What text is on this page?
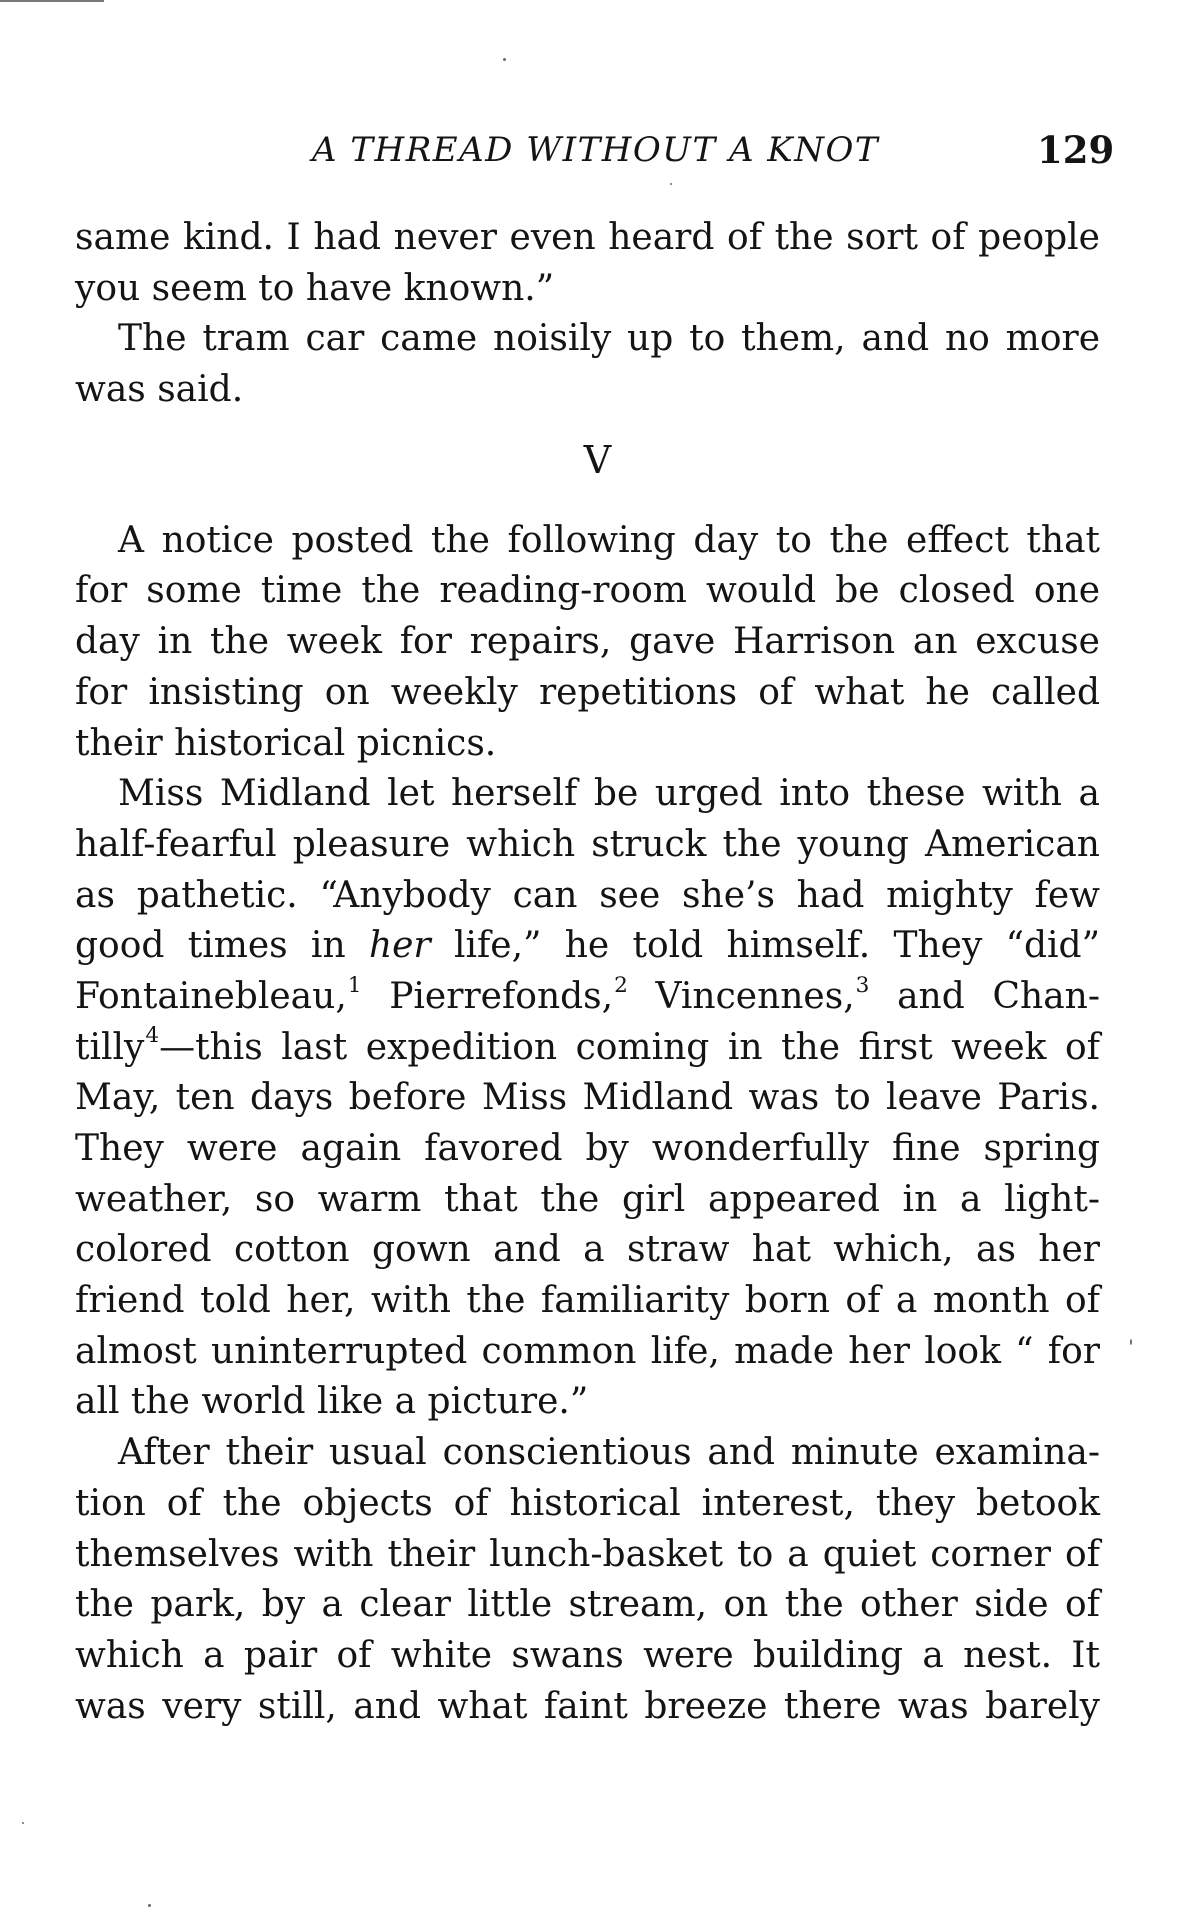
A THREAD WITHOUT A KNOT	129
same kind. I had never even heard of the sort of people
you seem to have known.”
The tram car came noisily up to them, and no more
was said.
V
A notice posted the following day to the effect that
for some time the reading-room would be closed one
day in the week for repairs, gave Harrison an excuse
for insisting on weekly repetitions of what he called
their historical picnics.
Miss Midland let herself be urged into these with a
half-fearful pleasure which struck the young American
as pathetic. “Anybody can see she’s had mighty few
good times in her life,” he told himself. They “did”
Fontainebleau,$^1$ Pierrefonds,$^2$ Vincennes,$^3$ and Chan-
tilly$^4$—this last expedition coming in the first week of
May, ten days before Miss Midland was to leave Paris.
They were again favored by wonderfully fine spring
weather, so warm that the girl appeared in a light-
colored cotton gown and a straw hat which, as her
friend told her, with the familiarity born of a month of
almost uninterrupted common life, made her look “ for
all the world like a picture.”
After their usual conscientious and minute examina-
tion of the objects of historical interest, they betook
themselves with their lunch-basket to a quiet corner of
the park, by a clear little stream, on the other side of
which a pair of white swans were building a nest. It
was very still, and what faint breeze there was barely
